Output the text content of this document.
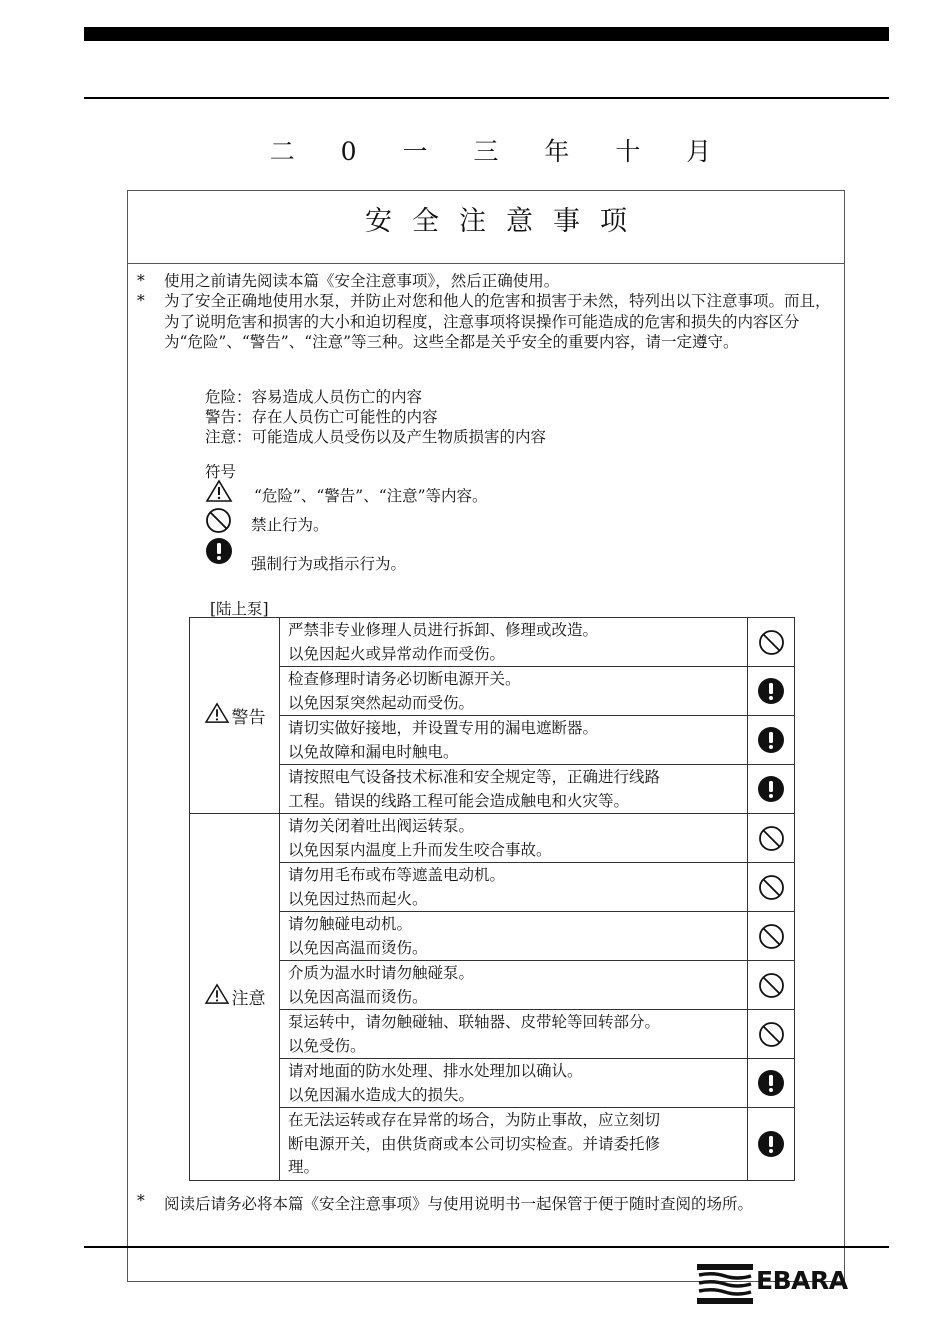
二 0 一 三 年 十 月
安全注意事项
* 使用之前请先阅读本篇《安全注意事项》，然后正确使用。
* 为了安全正确地使用水泵，并防止对您和他人的危害和损害于未然，特列出以下注意事项。而且，为了说明危害和损害的大小和迫切程度，注意事项将误操作可能造成的危害和损失的内容区分为“危险”、“警告”、“注意”等三种。这些全都是关乎安全的重要内容，请一定遵守。
危险：容易造成人员伤亡的内容
警告：存在人员伤亡可能性的内容
注意：可能造成人员受伤以及产生物质损害的内容
符号
“危险”、“警告”、“注意”等内容。
禁止行为。
强制行为或指示行为。
[陆上泵]
警告	严禁非专业修理人员进行拆卸、修理或改造。
以免因起火或异常动作而受伤。

	检查修理时请务必切断电源开关。
以免因泵突然起动而受伤。

	请切实做好接地，并设置专用的漏电遮断器。
以免故障和漏电时触电。

	请按照电气设备技术标准和安全规定等，正确进行线路
工程。错误的线路工程可能会造成触电和火灾等。

注意	请勿关闭着吐出阀运转泵。
以免因泵内温度上升而发生咬合事故。

	请勿用毛布或布等遮盖电动机。
以免因过热而起火。

	请勿触碰电动机。
以免因高温而烫伤。

	介质为温水时请勿触碰泵。
以免因高温而烫伤。

	泵运转中，请勿触碰轴、联轴器、皮带轮等回转部分。
以免受伤。

	请对地面的防水处理、排水处理加以确认。
以免因漏水造成大的损失。

	在无法运转或存在异常的场合，为防止事故，应立刻切
断电源开关，由供货商或本公司切实检查。并请委托修
理。

* 阅读后请务必将本篇《安全注意事项》与使用说明书一起保管于便于随时查阅的场所。
EBARA
